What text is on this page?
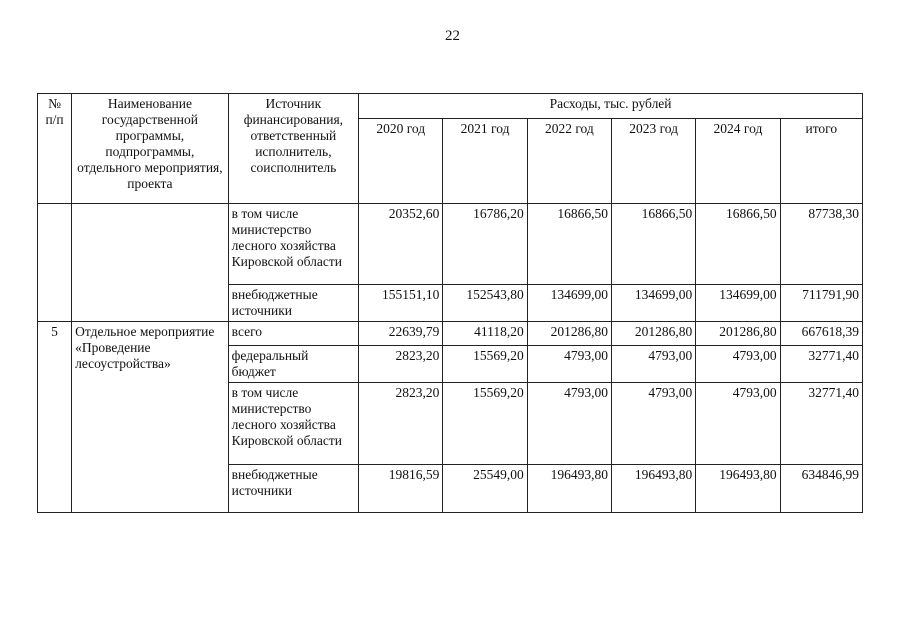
22
№ п/п	Наименование государственной программы, подпрограммы, отдельного мероприятия, проекта	Источник финансирования, ответственный исполнитель, соисполнитель	Расходы, тыс. рублей					
			2020 год	2021 год	2022 год	2023 год	2024 год	итого
		в том числе министерство лесного хозяйства Кировской области	20352,60	16786,20	16866,50	16866,50	16866,50	87738,30
		внебюджетные источники	155151,10	152543,80	134699,00	134699,00	134699,00	711791,90
5	Отдельное мероприятие «Проведение лесоустройства»	всего	22639,79	41118,20	201286,80	201286,80	201286,80	667618,39
		федеральный бюджет	2823,20	15569,20	4793,00	4793,00	4793,00	32771,40
		в том числе министерство лесного хозяйства Кировской области	2823,20	15569,20	4793,00	4793,00	4793,00	32771,40
		внебюджетные источники	19816,59	25549,00	196493,80	196493,80	196493,80	634846,99
